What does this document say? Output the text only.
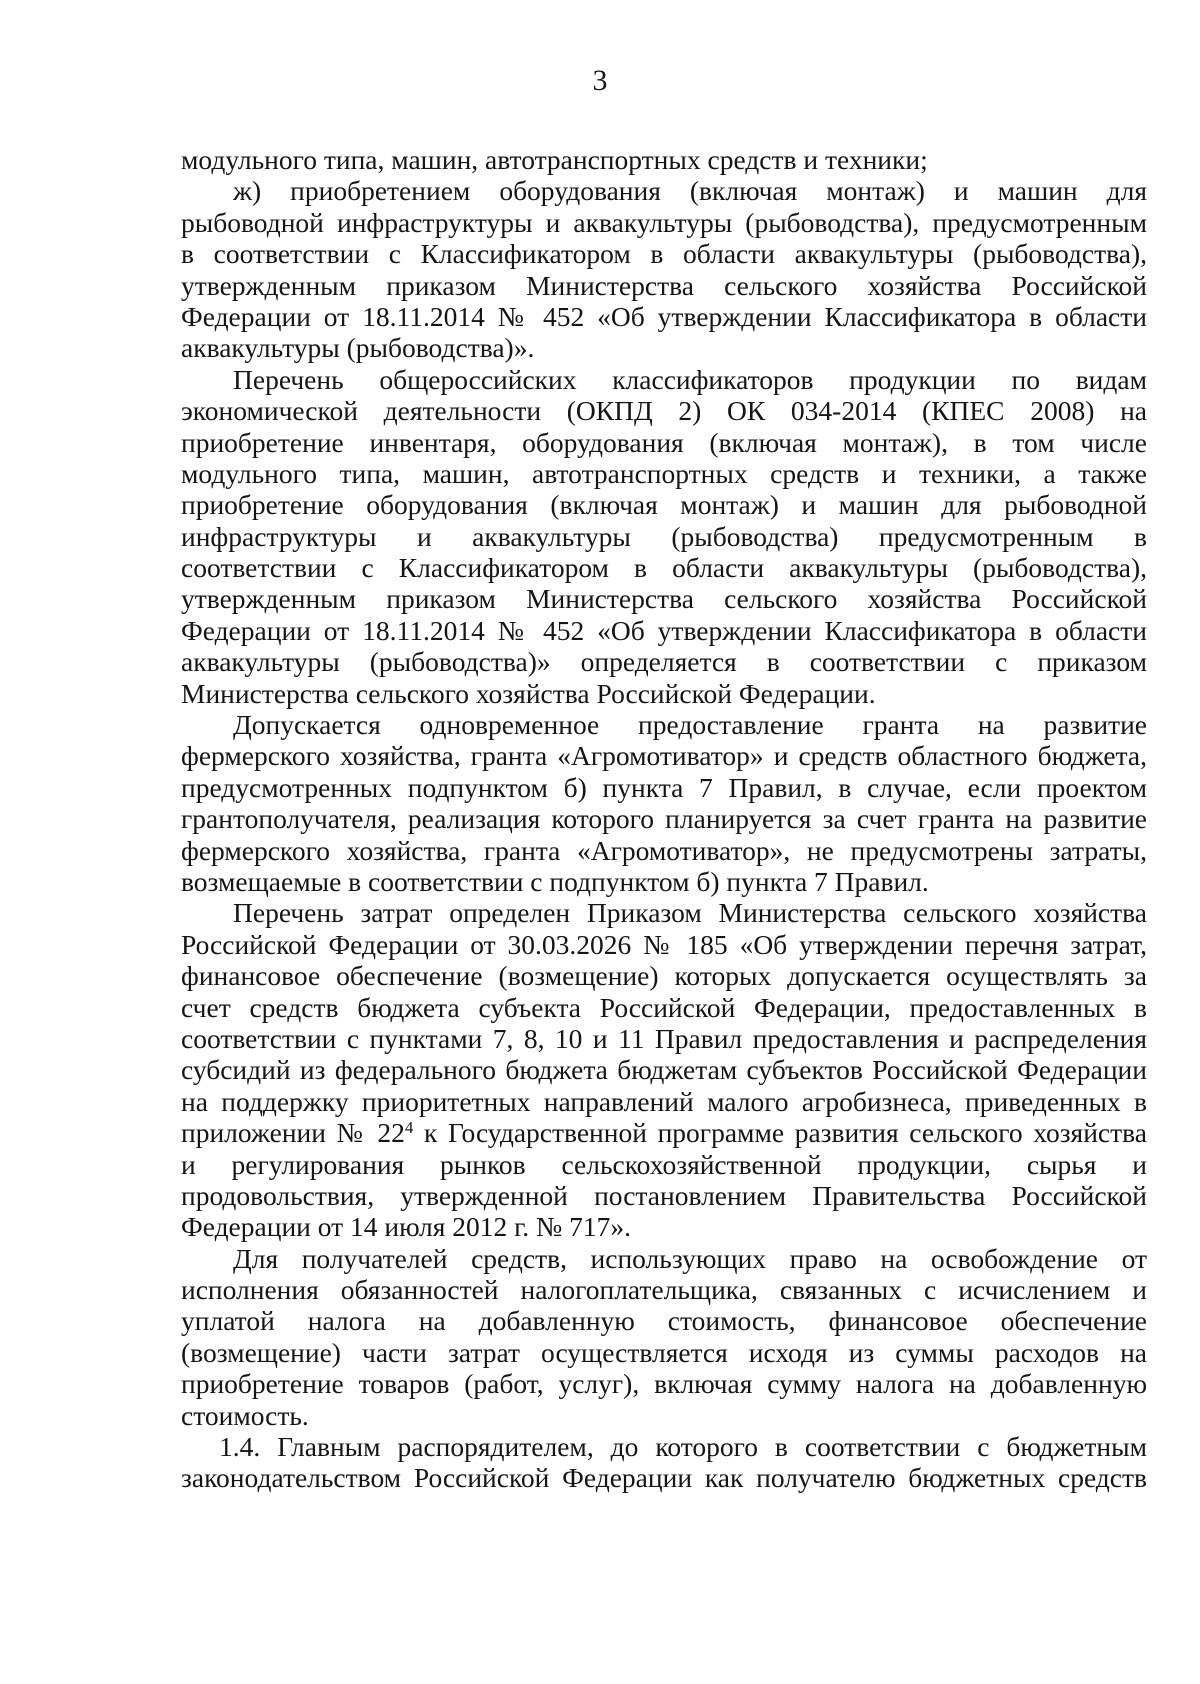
3
модульного типа, машин, автотранспортных средств и техники;
ж) приобретением оборудования (включая монтаж) и машин для
рыбоводной инфраструктуры и аквакультуры (рыбоводства), предусмотренным
в соответствии с Классификатором в области аквакультуры (рыбоводства),
утвержденным приказом Министерства сельского хозяйства Российской
Федерации от 18.11.2014 № 452 «Об утверждении Классификатора в области
аквакультуры (рыбоводства)».
Перечень общероссийских классификаторов продукции по видам
экономической деятельности (ОКПД 2) ОК 034-2014 (КПЕС 2008) на
приобретение инвентаря, оборудования (включая монтаж), в том числе
модульного типа, машин, автотранспортных средств и техники, а также
приобретение оборудования (включая монтаж) и машин для рыбоводной
инфраструктуры и аквакультуры (рыбоводства) предусмотренным в
соответствии с Классификатором в области аквакультуры (рыбоводства),
утвержденным приказом Министерства сельского хозяйства Российской
Федерации от 18.11.2014 № 452 «Об утверждении Классификатора в области
аквакультуры (рыбоводства)» определяется в соответствии с приказом
Министерства сельского хозяйства Российской Федерации.
Допускается одновременное предоставление гранта на развитие
фермерского хозяйства, гранта «Агромотиватор» и средств областного бюджета,
предусмотренных подпунктом б) пункта 7 Правил, в случае, если проектом
грантополучателя, реализация которого планируется за счет гранта на развитие
фермерского хозяйства, гранта «Агромотиватор», не предусмотрены затраты,
возмещаемые в соответствии с подпунктом б) пункта 7 Правил.
Перечень затрат определен Приказом Министерства сельского хозяйства
Российской Федерации от 30.03.2026 № 185 «Об утверждении перечня затрат,
финансовое обеспечение (возмещение) которых допускается осуществлять за
счет средств бюджета субъекта Российской Федерации, предоставленных в
соответствии с пунктами 7, 8, 10 и 11 Правил предоставления и распределения
субсидий из федерального бюджета бюджетам субъектов Российской Федерации
на поддержку приоритетных направлений малого агробизнеса, приведенных в
приложении № $22^4$ к Государственной программе развития сельского хозяйства
и регулирования рынков сельскохозяйственной продукции, сырья и
продовольствия, утвержденной постановлением Правительства Российской
Федерации от 14 июля 2012 г. № 717».
Для получателей средств, использующих право на освобождение от
исполнения обязанностей налогоплательщика, связанных с исчислением и
уплатой налога на добавленную стоимость, финансовое обеспечение
(возмещение) части затрат осуществляется исходя из суммы расходов на
приобретение товаров (работ, услуг), включая сумму налога на добавленную
стоимость.
1.4. Главным распорядителем, до которого в соответствии с бюджетным
законодательством Российской Федерации как получателю бюджетных средств
